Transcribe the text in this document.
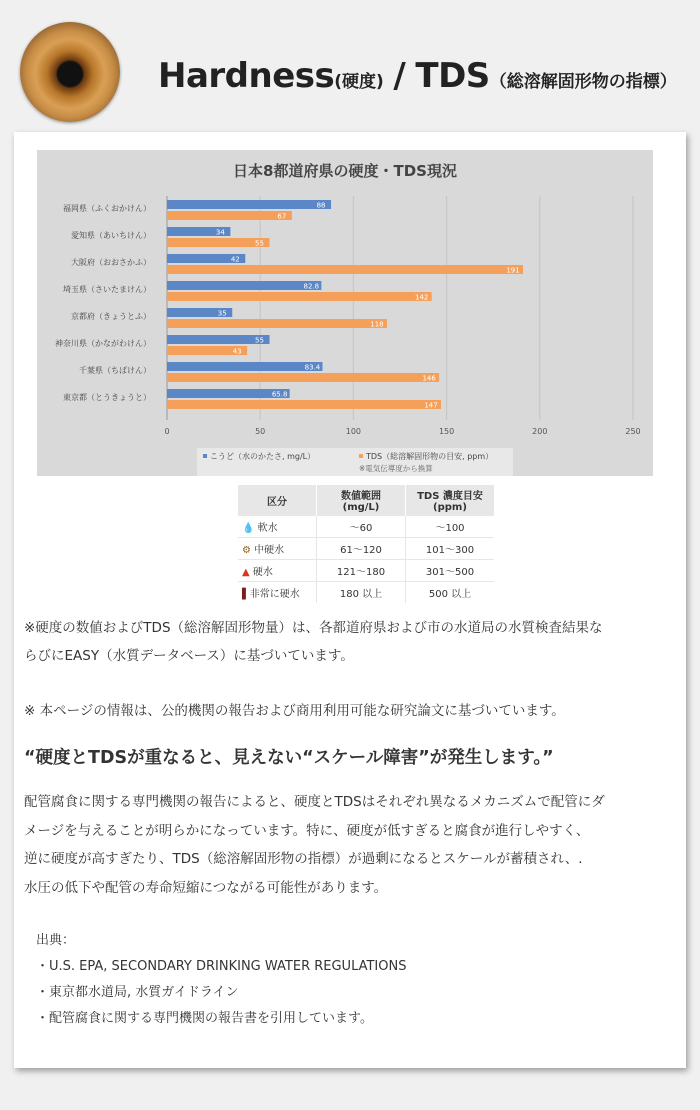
Hardness(硬度) / TDS（総溶解固形物の指標）
日本8都道府県の硬度・TDS現況
0	50	100	150	200	250
福岡県（ふくおかけん）	88
67
愛知県（あいちけん）	34
55
大阪府（おおさかふ）	42
191
埼玉県（さいたまけん）	82.8
142
京都府（きょうとふ）	35
118
神奈川県（かながわけん）	55
43
千葉県（ちばけん）	83.4
146
東京都（とうきょうと）	65.8
147
こうど（水のかたさ, mg/L）	TDS（総溶解固形物の目安, ppm）
※電気伝導度から換算
区分	数値範囲
(mg/L)	TDS 濃度目安
(ppm)
💧 軟水	～60	～100
⚙ 中硬水	61～120	101～300
▲ 硬水	121～180	301～500
▌非常に硬水	180 以上	500 以上
※硬度の数値およびTDS（総溶解固形物量）は、各都道府県および市の水道局の水質検査結果な
らびにEASY（水質データベース）に基づいています。
※ 本ページの情報は、公的機関の報告および商用利用可能な研究論文に基づいています。
“硬度とTDSが重なると、見えない“スケール障害”が発生します。”
配管腐食に関する専門機関の報告によると、硬度とTDSはそれぞれ異なるメカニズムで配管にダ
メージを与えることが明らかになっています。特に、硬度が低すぎると腐食が進行しやすく、
逆に硬度が高すぎたり、TDS（総溶解固形物の指標）が過剰になるとスケールが蓄積され、.
水圧の低下や配管の寿命短縮につながる可能性があります。
出典：
・U.S. EPA, SECONDARY DRINKING WATER REGULATIONS
・東京都水道局, 水質ガイドライン
・配管腐食に関する専門機関の報告書を引用しています。
